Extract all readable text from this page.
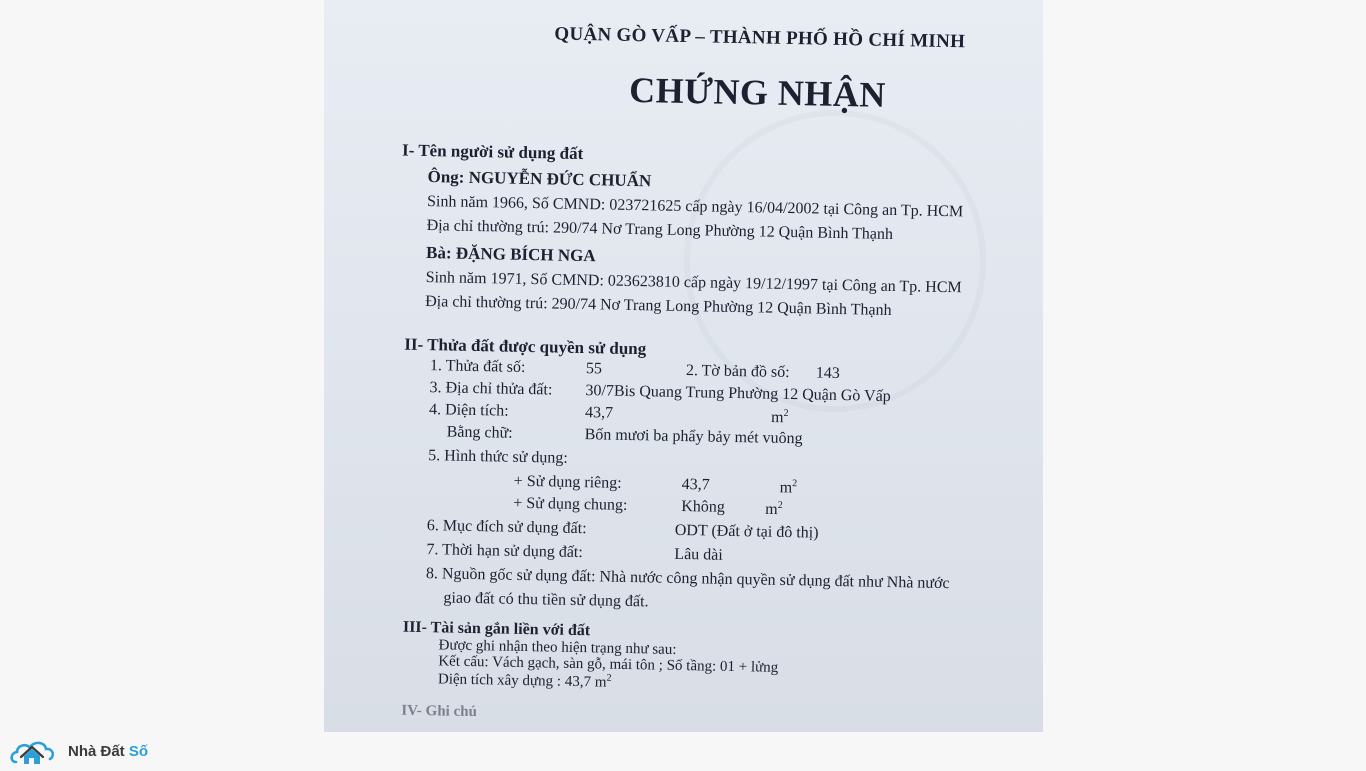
QUẬN GÒ VẤP – THÀNH PHỐ HỒ CHÍ MINH
CHỨNG NHẬN
I- Tên người sử dụng đất
Ông: NGUYỄN ĐỨC CHUẨN
Sinh năm 1966, Số CMND: 023721625 cấp ngày 16/04/2002 tại Công an Tp. HCM
Địa chỉ thường trú: 290/74 Nơ Trang Long Phường 12 Quận Bình Thạnh
Bà: ĐẶNG BÍCH NGA
Sinh năm 1971, Số CMND: 023623810 cấp ngày 19/12/1997 tại Công an Tp. HCM
Địa chỉ thường trú: 290/74 Nơ Trang Long Phường 12 Quận Bình Thạnh
II- Thửa đất được quyền sử dụng
1. Thửa đất số:	55	2. Tờ bản đồ số: 143
3. Địa chỉ thửa đất: 30/7Bis Quang Trung Phường 12 Quận Gò Vấp
4. Diện tích:	43,7	$m^2$
Bằng chữ:	Bốn mươi ba phẩy bảy mét vuông
5. Hình thức sử dụng:
+ Sử dụng riêng:	43,7	$m^2$
+ Sử dụng chung:	Không	$m^2$
6. Mục đích sử dụng đất:	ODT (Đất ở tại đô thị)
7. Thời hạn sử dụng đất:	Lâu dài
8. Nguồn gốc sử dụng đất: Nhà nước công nhận quyền sử dụng đất như Nhà nước
giao đất có thu tiền sử dụng đất.
III- Tài sản gắn liền với đất
Được ghi nhận theo hiện trạng như sau:
Kết cấu: Vách gạch, sàn gỗ, mái tôn ; Số tầng: 01 + lửng
Diện tích xây dựng : 43,7 $m^2$
IV- Ghi chú
Nhà Đất Số
